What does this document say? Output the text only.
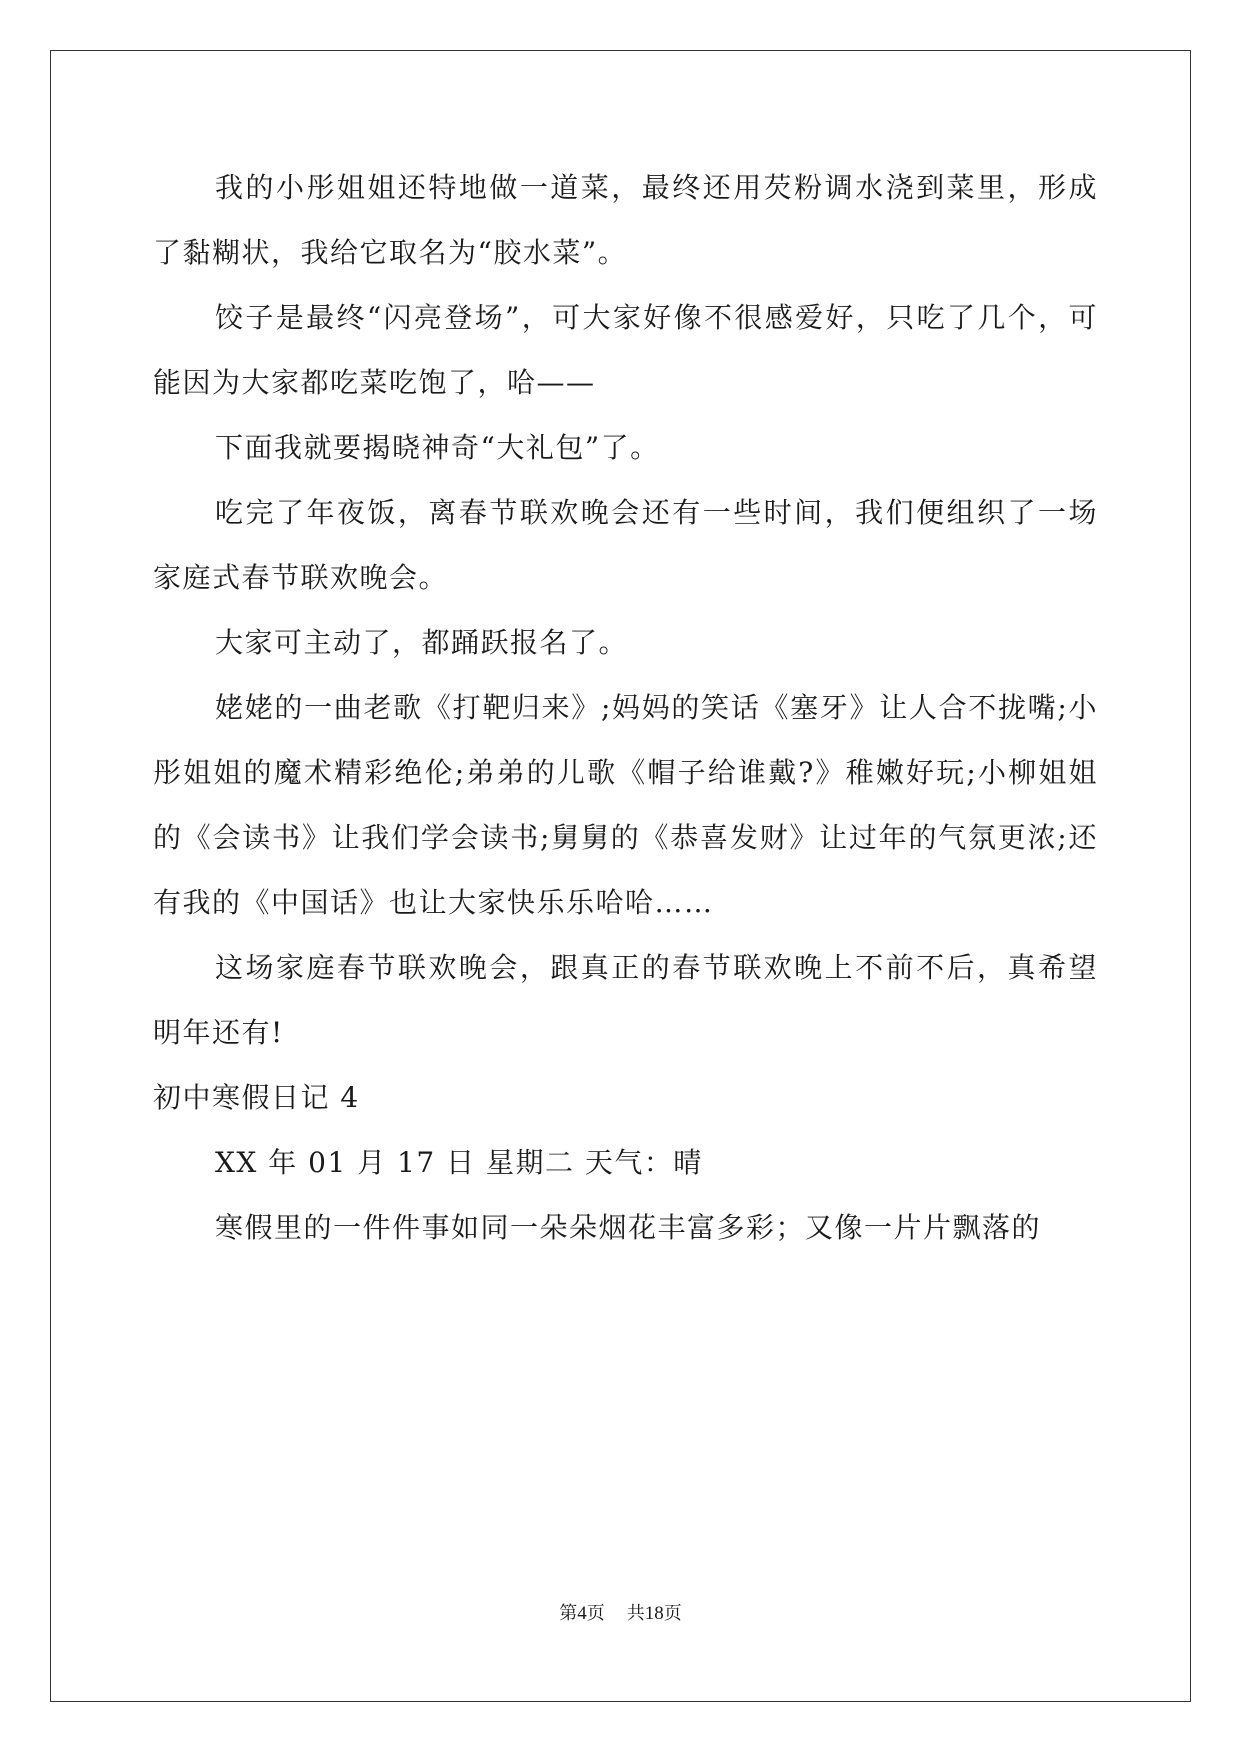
我的小彤姐姐还特地做一道菜，最终还用芡粉调水浇到菜里，形成了黏糊状，我给它取名为“胶水菜”。

饺子是最终“闪亮登场”，可大家好像不很感爱好，只吃了几个，可能因为大家都吃菜吃饱了，哈——

下面我就要揭晓神奇“大礼包”了。

吃完了年夜饭，离春节联欢晚会还有一些时间，我们便组织了一场家庭式春节联欢晚会。

大家可主动了，都踊跃报名了。

姥姥的一曲老歌《打靶归来》;妈妈的笑话《塞牙》让人合不拢嘴;小彤姐姐的魔术精彩绝伦;弟弟的儿歌《帽子给谁戴?》稚嫩好玩;小柳姐姐的《会读书》让我们学会读书;舅舅的《恭喜发财》让过年的气氛更浓;还有我的《中国话》也让大家快乐乐哈哈……

这场家庭春节联欢晚会，跟真正的春节联欢晚上不前不后，真希望明年还有!

初中寒假日记 4

XX 年 01 月 17 日 星期二 天气：晴

寒假里的一件件事如同一朵朵烟花丰富多彩；又像一片片飘落的

第4页 共18页
